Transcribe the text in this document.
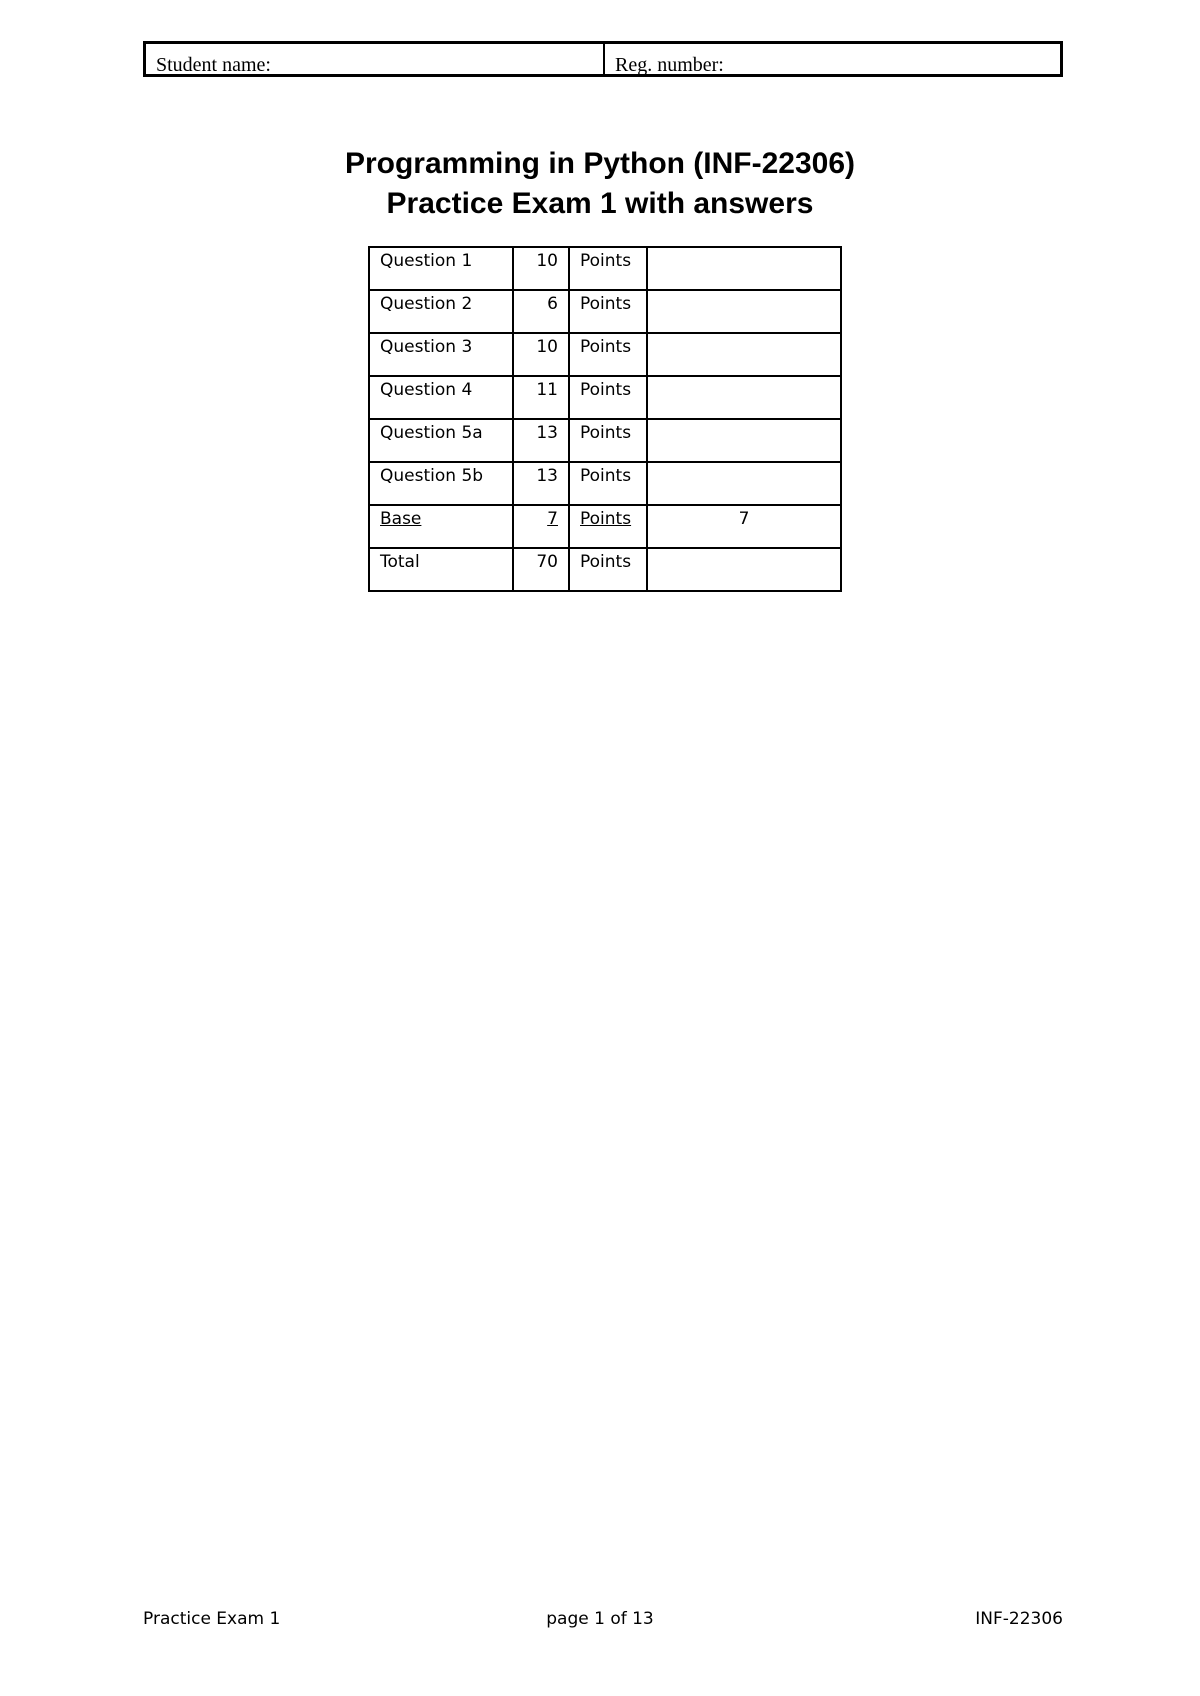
Student name:	Reg. number:
Programming in Python (INF-22306)
Practice Exam 1 with answers
Question 1	10	Points	
Question 2	6	Points	
Question 3	10	Points	
Question 4	11	Points	
Question 5a	13	Points	
Question 5b	13	Points	
Base	7	Points	7
Total	70	Points	
Practice Exam 1	page 1 of 13	INF-22306
